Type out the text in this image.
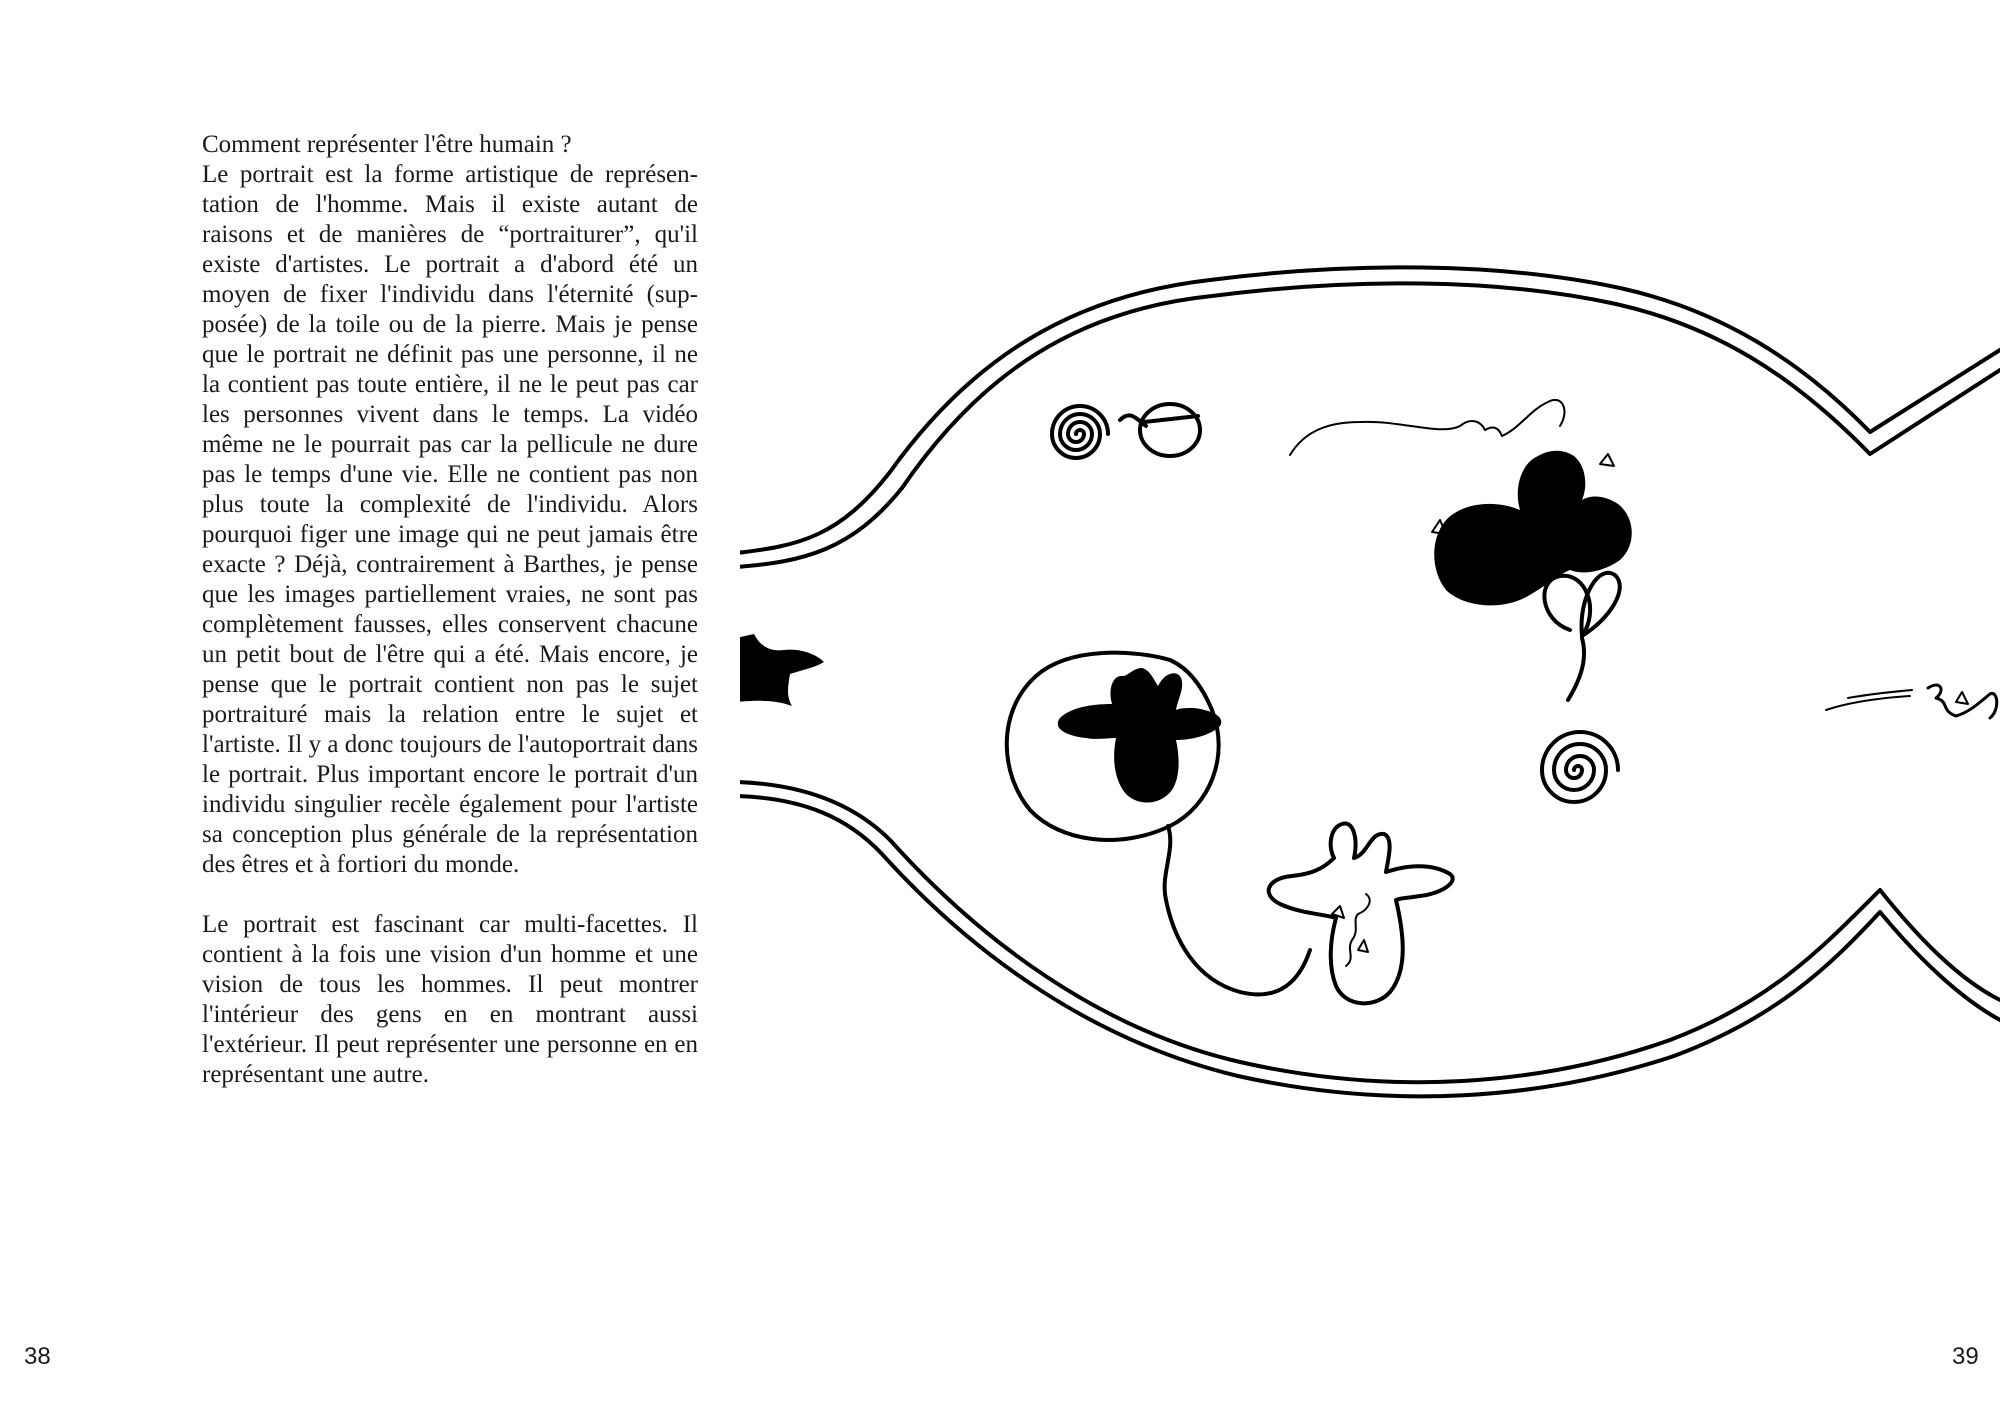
Comment représenter l'être humain ?

Le portrait est la forme artistique de représentation de l'homme. Mais il existe autant de raisons et de manières de “portraiturer”, qu'il existe d'artistes. Le portrait a d'abord été un moyen de fixer l'individu dans l'éternité (supposée) de la toile ou de la pierre. Mais je pense que le portrait ne définit pas une personne, il ne la contient pas toute entière, il ne le peut pas car les personnes vivent dans le temps. La vidéo même ne le pourrait pas car la pellicule ne dure pas le temps d'une vie. Elle ne contient pas non plus toute la complexité de l'individu. Alors pourquoi figer une image qui ne peut jamais être exacte ? Déjà, contrairement à Barthes, je pense que les images partiellement vraies, ne sont pas complètement fausses, elles conservent chacune un petit bout de l'être qui a été. Mais encore, je pense que le portrait contient non pas le sujet portraituré mais la relation entre le sujet et l'artiste. Il y a donc toujours de l'autoportrait dans le portrait. Plus important encore le portrait d'un individu singulier recèle également pour l'artiste sa conception plus générale de la représentation des êtres et à fortiori du monde.

Le portrait est fascinant car multi-facettes. Il contient à la fois une vision d'un homme et une vision de tous les hommes. Il peut montrer l'intérieur des gens en en montrant aussi l'extérieur. Il peut représenter une personne en en représentant une autre.

38	39
